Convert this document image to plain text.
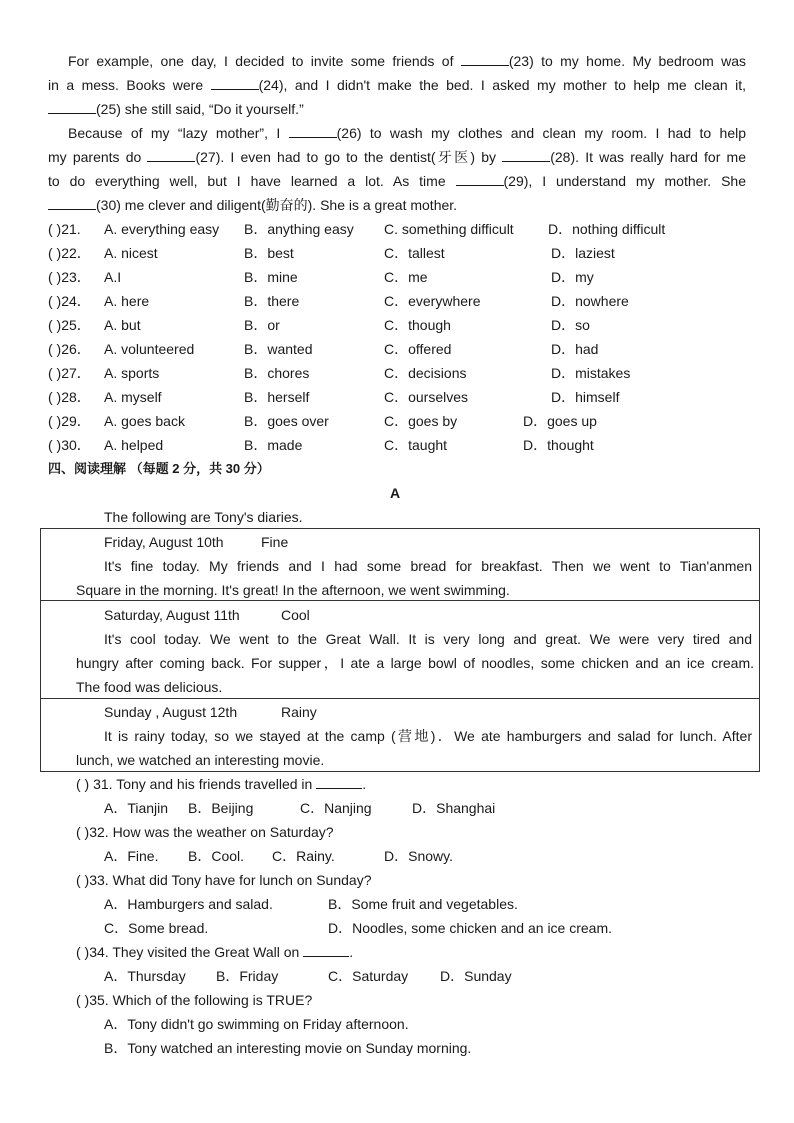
For example, one day, I decided to invite some friends of	(23) to my home. My bedroom was
in a mess. Books were	(24), and I didn't make the bed. I asked my mother to help me clean it,
(25) she still said, “Do it yourself.”
Because of my “lazy mother”, I	(26) to wash my clothes and clean my room. I had to help
my parents do	(27). I even had to go to the dentist(牙医) by	(28). It was really hard for me
to do everything well, but I have learned a lot. As time	(29), I understand my mother. She
(30) me clever and diligent(勤奋的). She is a great mother.
( )21. A. everything easy B．anything easy C. something difficult D．nothing difficult
( )22． A. nicest	B．best	C．tallest	D．laziest
( )23． A.I	B．mine	C．me	D．my
( )24． A. here	B．there	C．everywhere	D．nowhere
( )25． A. but	B．or	C．though	D．so
( )26． A. volunteered	B．wanted	C．offered	D．had
( )27． A. sports	B．chores	C．decisions	D．mistakes
( )28． A. myself	B．herself	C．ourselves	D．himself
( )29． A. goes back	B．goes over	C．goes by	D．goes up
( )30． A. helped	B．made	C．taught	D．thought
四、阅读理解 （每题 2 分，共 30 分）
A
The following are Tony's diaries.
Friday, August 10th	Fine
It's fine today. My friends and I had some bread for breakfast. Then we went to Tian'anmen
Square in the morning. It's great! In the afternoon, we went swimming.
Saturday, August 11th	Cool
It's cool today. We went to the Great Wall. It is very long and great. We were very tired and
hungry after coming back. For supper，I ate a large bowl of noodles, some chicken and an ice cream.
The food was delicious.
Sunday , August 12th	Rainy
It is rainy today, so we stayed at the camp (营地)．We ate hamburgers and salad for lunch. After
lunch, we watched an interesting movie.
( ) 31. Tony and his friends travelled in	.
A．Tianjin B．Beijing	C．Nanjing	D．Shanghai
( )32. How was the weather on Saturday?
A．Fine. B．Cool. C．Rainy.	D．Snowy.
( )33. What did Tony have for lunch on Sunday?
A．Hamburgers and salad.	B．Some fruit and vegetables.
C．Some bread.	D．Noodles, some chicken and an ice cream.
( )34. They visited the Great Wall on	.
A．Thursday B．Friday	C．Saturday D．Sunday
( )35. Which of the following is TRUE?
A．Tony didn't go swimming on Friday afternoon.
B．Tony watched an interesting movie on Sunday morning.
